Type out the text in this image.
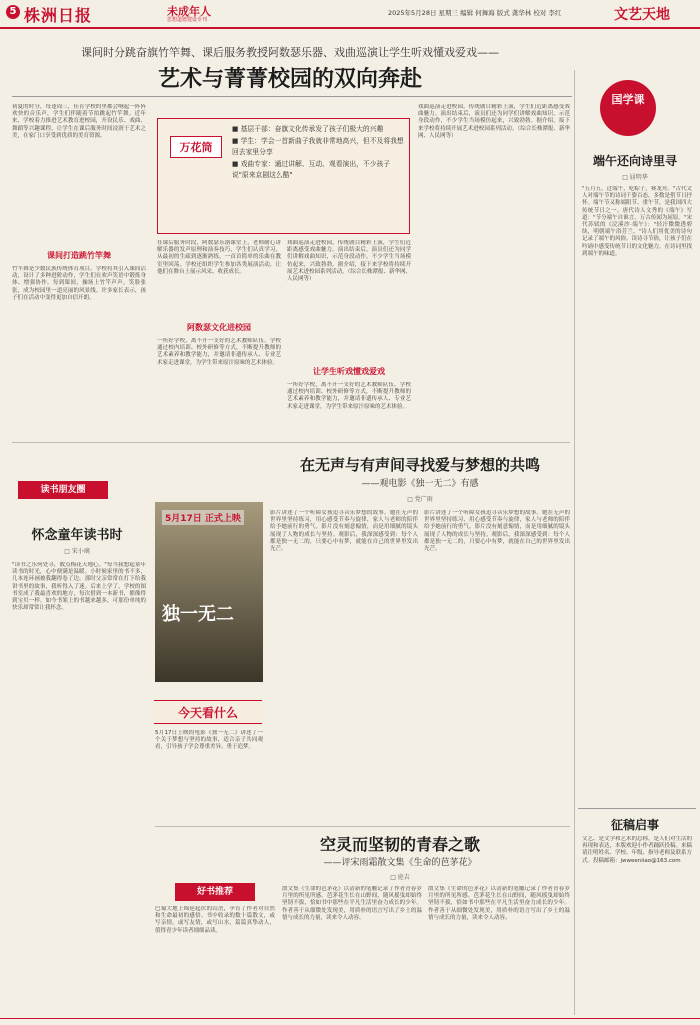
5 株洲日报	未成年人
思想道德建设专刊
2025年5月28日 星期三 编辑 何舞海 版式 龚华林 校对 李红	文艺天地
课间时分跳奋旗竹竿舞、课后服务教授阿数瑟乐器、戏曲巡演让学生听戏懂戏爱戏——
艺术与菁菁校园的双向奔赴
初夏的时分，每逢周三，佳育学校的里都会响起一阵阵欢快的音乐声，学生们伴随着节拍跳起竹竿舞。近年来，学校着力推进艺术教育进校园，开设民乐、戏曲、舞蹈等兴趣课程，让学生在课后服务时间浸润于艺术之美，在家门口享受到优质的美育资源。
课间打造跳竹竿舞
竹竿舞是少数民族传统体育项目。学校将其引入课间活动，设计了多种进阶动作，学生们在欢声笑语中锻炼身体、增强协作。每到课间，操场上竹竿声声，笑脸张张，成为校园里一道亮丽的风景线。许多家长表示，孩子们在活动中变得更加自信开朗。
万花筒
■ 基层干部：奋旗文化传承发了孩子们极大的兴趣
■ 学生：学会一首新曲子我就非常地高兴，但不及将我想回去家里分享
■ 戏曲专家：通过讲解、互动、观看演出，不少孩子说"原来京剧这么酷"
在课后服务时段，阿数瑟乐器课堂上，老师耐心讲解乐器的发声原理和演奏技巧，学生们认真学习，从最初的生疏到逐渐熟练，一首首简单的乐曲在教室里回荡。学校还组织学生参加各类展演活动，让他们在舞台上展示风采、收获成长。
阿数瑟文化进校园
一所好学校，离不开一支好的艺术教师队伍。学校通过校内培训、校外研修等方式，不断提升教师的艺术素养和教学能力，并邀请非遗传承人、专业艺术家走进课堂，为学生带来原汁原味的艺术体验。
戏曲巡演走进校园，传统剧目精彩上演，学生们近距离感受戏曲魅力。演出结束后，演员们还为同学们讲解戏曲知识，示范身段动作，不少学生当场模仿起来，兴致勃勃。据介绍，接下来学校将持续开展艺术进校园系列活动。（综合长株潭报、新华网、人民网等）
让学生听戏懂戏爱戏
一所好学校，离不开一支好的艺术教师队伍。学校通过校内培训、校外研修等方式，不断提升教师的艺术素养和教学能力，并邀请非遗传承人、专业艺术家走进课堂，为学生带来原汁原味的艺术体验。
戏曲巡演走进校园，传统剧目精彩上演，学生们近距离感受戏曲魅力。演出结束后，演员们还为同学们讲解戏曲知识，示范身段动作，不少学生当场模仿起来，兴致勃勃。据介绍，接下来学校将持续开展艺术进校园系列活动。（综合长株潭报、新华网、人民网等）
国学课
端午还向诗里寻
□ 屈明华
"五月五，过端午，吃粽子，赛龙舟。"古代文人对端午节的诗词千姿百态，多数是借节日抒怀。端午节又称端阳节、重午节，是我国四大传统节日之一。唐代诗人文秀的《端午》写道："节分端午自谁言，万古传闻为屈原。"宋代苏轼的《浣溪沙·端午》："轻汗微微透碧纨，明朝端午浴芳兰。"诗人们用优美的诗句记录了端午的风俗。读诗寻节俗，让孩子们在吟诵中感受传统节日的文化魅力，在诗词里找到端午的味道。
征稿启事
文艺、是文学和艺术的总称，是人们对生活的再现和表达，本版欢迎小作者踊跃投稿。来稿请注明姓名、学校、年级、指导老师及联系方式。投稿邮箱：jwweeniiao@163.com
读书朋友圈
怀念童年读书时
□ 宋小璃
"读书之乐何处寻，数点梅花天地心。"每当我想起童年读书的时光，心中便满是温暖。小时候家里的书不多，几本连环画被我翻得卷了边。那时父亲常常在灯下给我讲书里的故事，我听得入了迷。后来上学了，学校的图书室成了我最喜欢的地方，每次借到一本新书，都像得到宝贝一样。如今书架上的书越来越多，可那份单纯的快乐却常常让我怀念。
5月17日 正式上映
独一无二
在无声与有声间寻找爱与梦想的共鸣
——观电影《独一无二》有感
□ 党广雨
影片讲述了一个听障女孩追寻音乐梦想的故事。她在无声的世界里坚持练习，用心感受节奏与旋律，家人与老师的陪伴给予她前行的勇气。影片没有刻意煽情，而是用细腻的镜头展现了人物的成长与坚持。观影后，我深深感受到：每个人都是独一无二的，只要心中有梦，就能在自己的世界里发出光芒。
影片讲述了一个听障女孩追寻音乐梦想的故事。她在无声的世界里坚持练习，用心感受节奏与旋律，家人与老师的陪伴给予她前行的勇气。影片没有刻意煽情，而是用细腻的镜头展现了人物的成长与坚持。观影后，我深深感受到：每个人都是独一无二的，只要心中有梦，就能在自己的世界里发出光芒。
今天看什么
5月17日上映的电影《独一无二》讲述了一个关于梦想与坚持的故事，适合亲子共同观看，引导孩子学会尊重差异、勇于追梦。
空灵而坚韧的青春之歌
——评宋雨霜散文集《生命的芭茅花》
□ 庭吉
好书推荐
巴蜀大地上绵延起伏的山峦，孕育了作者对自然和生命最初的感悟。书中收录的数十篇散文，或写亲情，或写友情，或写山水，篇篇真挚动人，值得青少年读者细细品读。
散文集《生命的芭茅花》以清新的笔触记录了作者青春岁月里的所见所感。芭茅花生长在山野间，随风摇曳却始终坚韧不拔，恰如书中那些在平凡生活里奋力成长的少年。作者善于从细微处发现美，用质朴的语言写出了乡土的温情与成长的力量，读来令人动容。
散文集《生命的芭茅花》以清新的笔触记录了作者青春岁月里的所见所感。芭茅花生长在山野间，随风摇曳却始终坚韧不拔，恰如书中那些在平凡生活里奋力成长的少年。作者善于从细微处发现美，用质朴的语言写出了乡土的温情与成长的力量，读来令人动容。
